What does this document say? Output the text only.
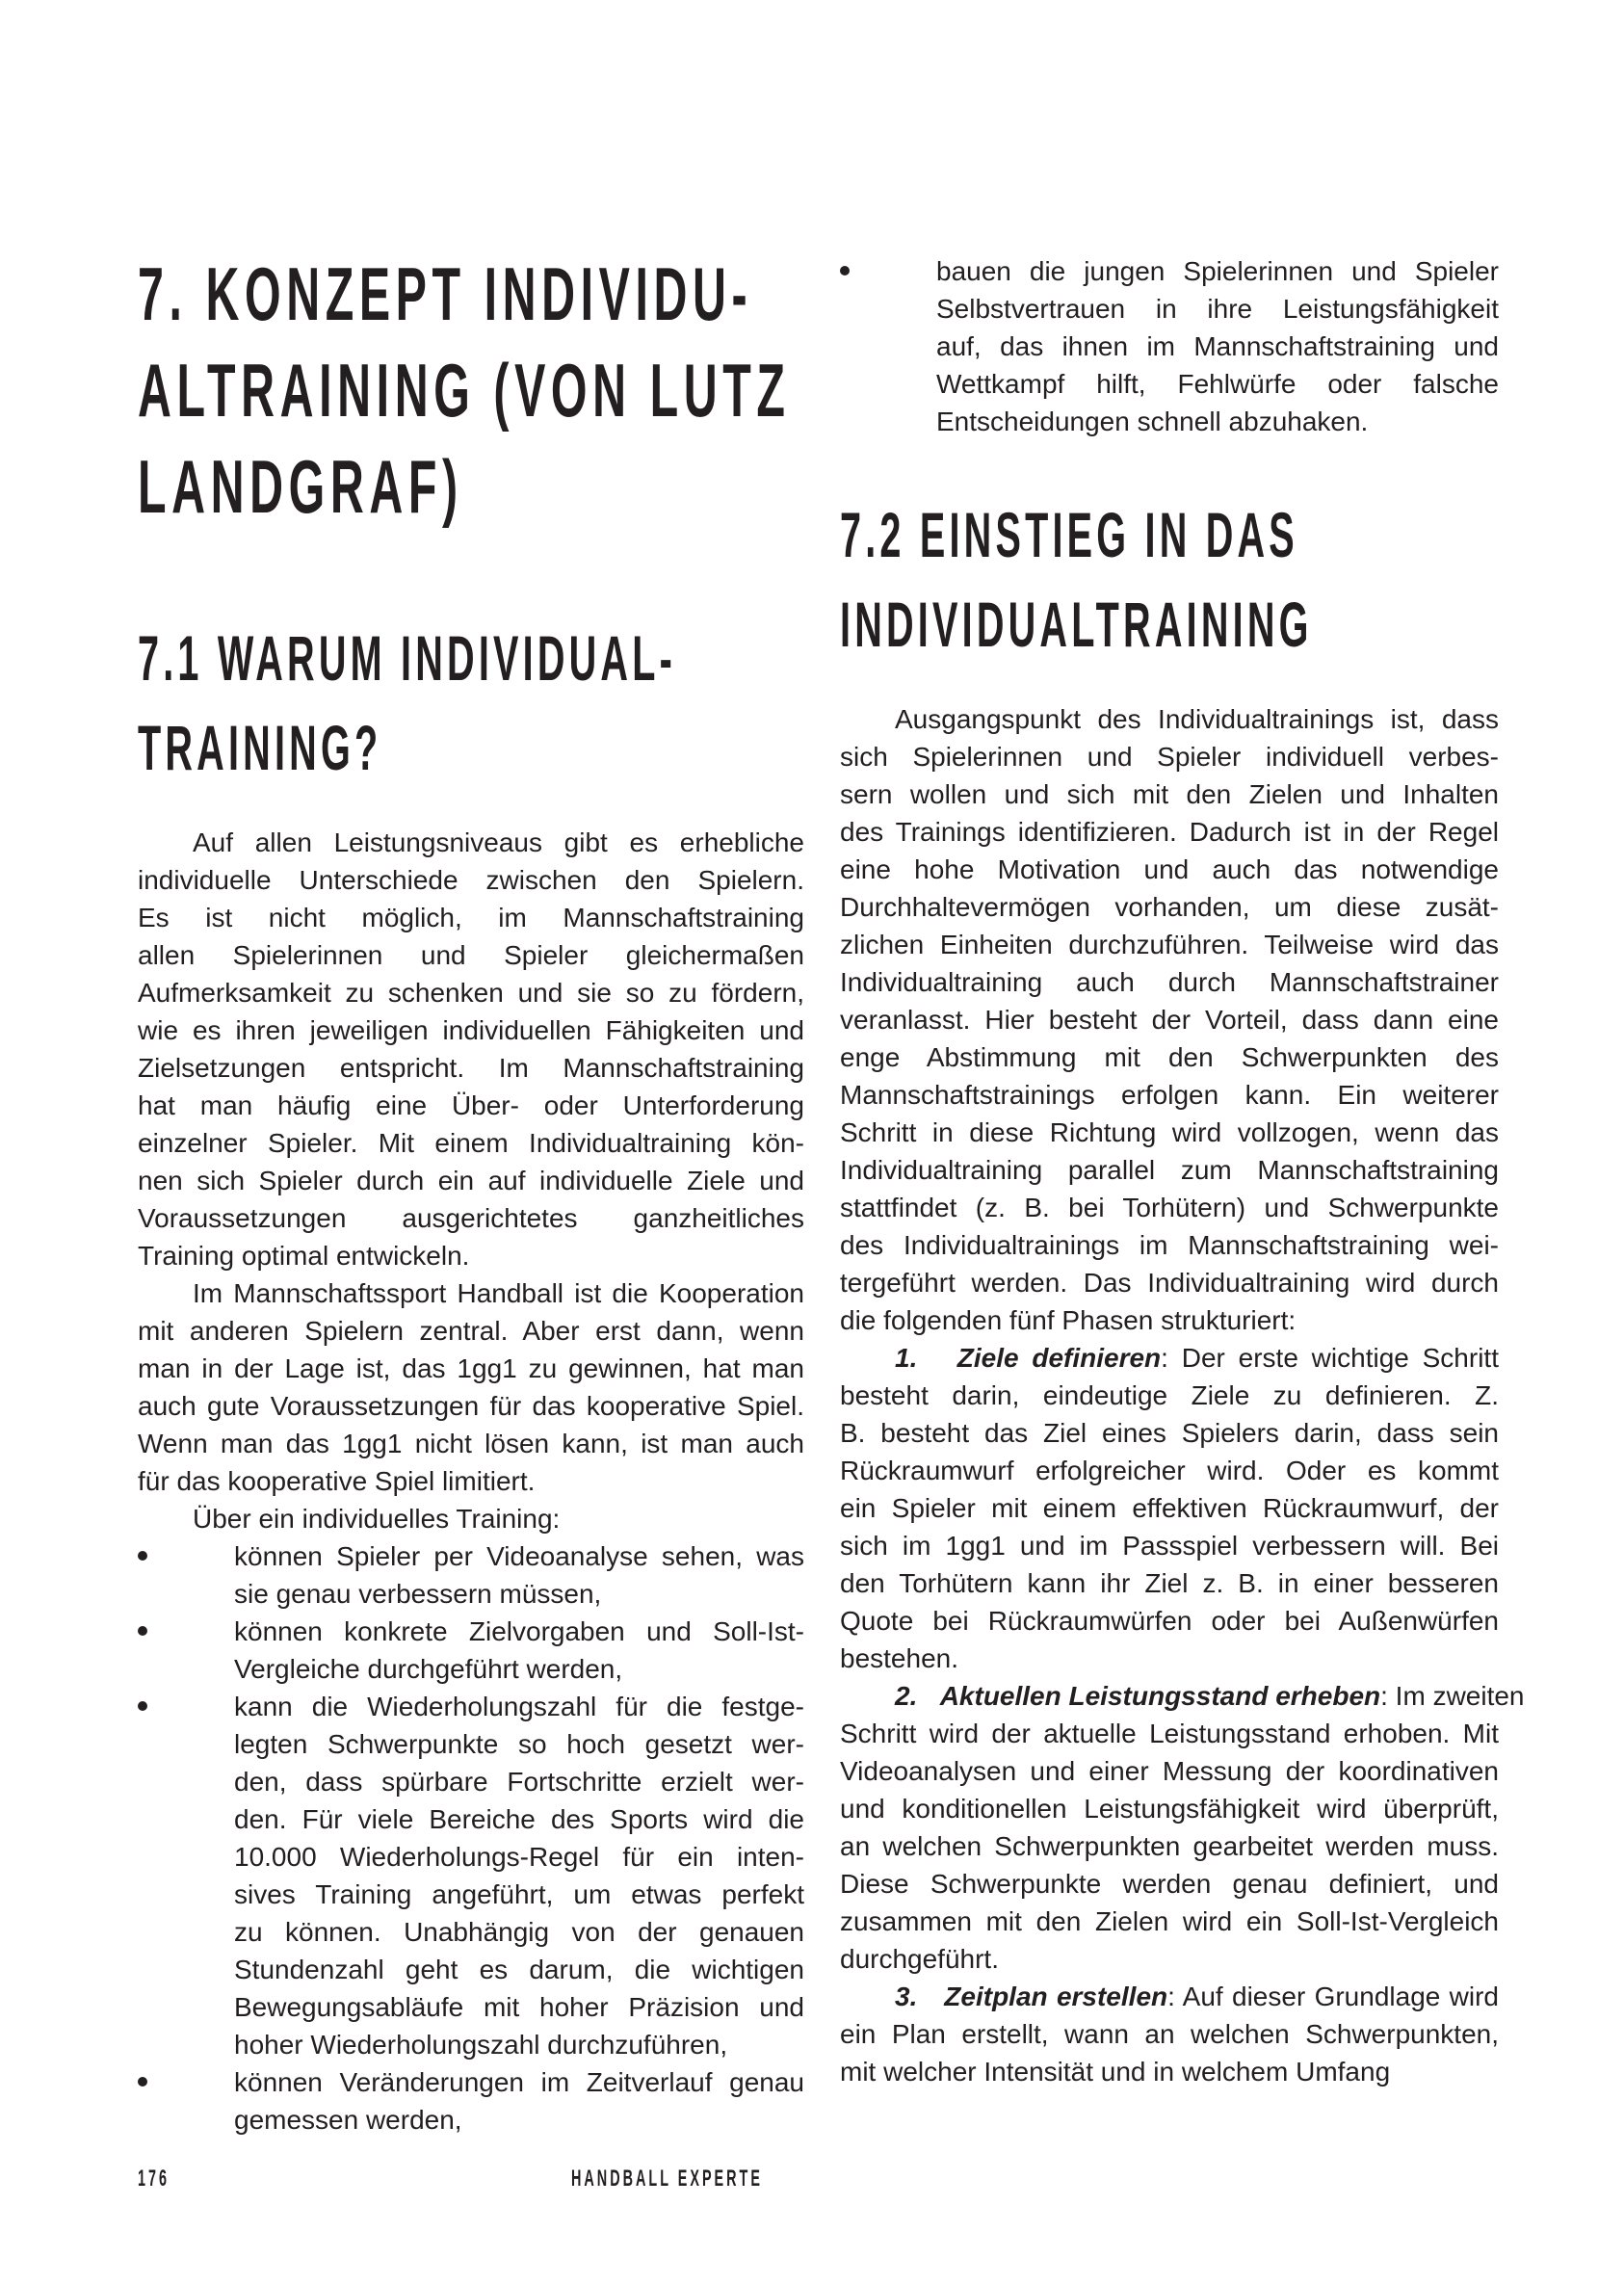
7. KONZEPT INDIVIDU-
ALTRAINING (VON LUTZ
LANDGRAF)
7.1 WARUM INDIVIDUAL-
TRAINING?
Auf allen Leistungsniveaus gibt es erhebliche
individuelle Unterschiede zwischen den Spielern.
Es ist nicht möglich, im Mannschaftstraining
allen Spielerinnen und Spieler gleichermaßen
Aufmerksamkeit zu schenken und sie so zu fördern,
wie es ihren jeweiligen individuellen Fähigkeiten und
Zielsetzungen entspricht. Im Mannschaftstraining
hat man häufig eine Über- oder Unterforderung
einzelner Spieler. Mit einem Individualtraining kön-
nen sich Spieler durch ein auf individuelle Ziele und
Voraussetzungen ausgerichtetes ganzheitliches
Training optimal entwickeln.
Im Mannschaftssport Handball ist die Kooperation
mit anderen Spielern zentral. Aber erst dann, wenn
man in der Lage ist, das 1gg1 zu gewinnen, hat man
auch gute Voraussetzungen für das kooperative Spiel.
Wenn man das 1gg1 nicht lösen kann, ist man auch
für das kooperative Spiel limitiert.
Über ein individuelles Training:
können Spieler per Videoanalyse sehen, was
sie genau verbessern müssen,
können konkrete Zielvorgaben und Soll-Ist-
Vergleiche durchgeführt werden,
kann die Wiederholungszahl für die festge-
legten Schwerpunkte so hoch gesetzt wer-
den, dass spürbare Fortschritte erzielt wer-
den. Für viele Bereiche des Sports wird die
10.000 Wiederholungs-Regel für ein inten-
sives Training angeführt, um etwas perfekt
zu können. Unabhängig von der genauen
Stundenzahl geht es darum, die wichtigen
Bewegungsabläufe mit hoher Präzision und
hoher Wiederholungszahl durchzuführen,
können Veränderungen im Zeitverlauf genau
gemessen werden,
bauen die jungen Spielerinnen und Spieler
Selbstvertrauen in ihre Leistungsfähigkeit
auf, das ihnen im Mannschaftstraining und
Wettkampf hilft, Fehlwürfe oder falsche
Entscheidungen schnell abzuhaken.
7.2 EINSTIEG IN DAS
INDIVIDUALTRAINING
Ausgangspunkt des Individualtrainings ist, dass
sich Spielerinnen und Spieler individuell verbes-
sern wollen und sich mit den Zielen und Inhalten
des Trainings identifizieren. Dadurch ist in der Regel
eine hohe Motivation und auch das notwendige
Durchhaltevermögen vorhanden, um diese zusät-
zlichen Einheiten durchzuführen. Teilweise wird das
Individualtraining auch durch Mannschaftstrainer
veranlasst. Hier besteht der Vorteil, dass dann eine
enge Abstimmung mit den Schwerpunkten des
Mannschaftstrainings erfolgen kann. Ein weiterer
Schritt in diese Richtung wird vollzogen, wenn das
Individualtraining parallel zum Mannschaftstraining
stattfindet (z. B. bei Torhütern) und Schwerpunkte
des Individualtrainings im Mannschaftstraining wei-
tergeführt werden. Das Individualtraining wird durch
die folgenden fünf Phasen strukturiert:
1. Ziele definieren: Der erste wichtige Schritt
besteht darin, eindeutige Ziele zu definieren. Z.
B. besteht das Ziel eines Spielers darin, dass sein
Rückraumwurf erfolgreicher wird. Oder es kommt
ein Spieler mit einem effektiven Rückraumwurf, der
sich im 1gg1 und im Passspiel verbessern will. Bei
den Torhütern kann ihr Ziel z. B. in einer besseren
Quote bei Rückraumwürfen oder bei Außenwürfen
bestehen.
2. Aktuellen Leistungsstand erheben: Im zweiten
Schritt wird der aktuelle Leistungsstand erhoben. Mit
Videoanalysen und einer Messung der koordinativen
und konditionellen Leistungsfähigkeit wird überprüft,
an welchen Schwerpunkten gearbeitet werden muss.
Diese Schwerpunkte werden genau definiert, und
zusammen mit den Zielen wird ein Soll-Ist-Vergleich
durchgeführt.
3. Zeitplan erstellen: Auf dieser Grundlage wird
ein Plan erstellt, wann an welchen Schwerpunkten,
mit welcher Intensität und in welchem Umfang
176	HANDBALL EXPERTE
